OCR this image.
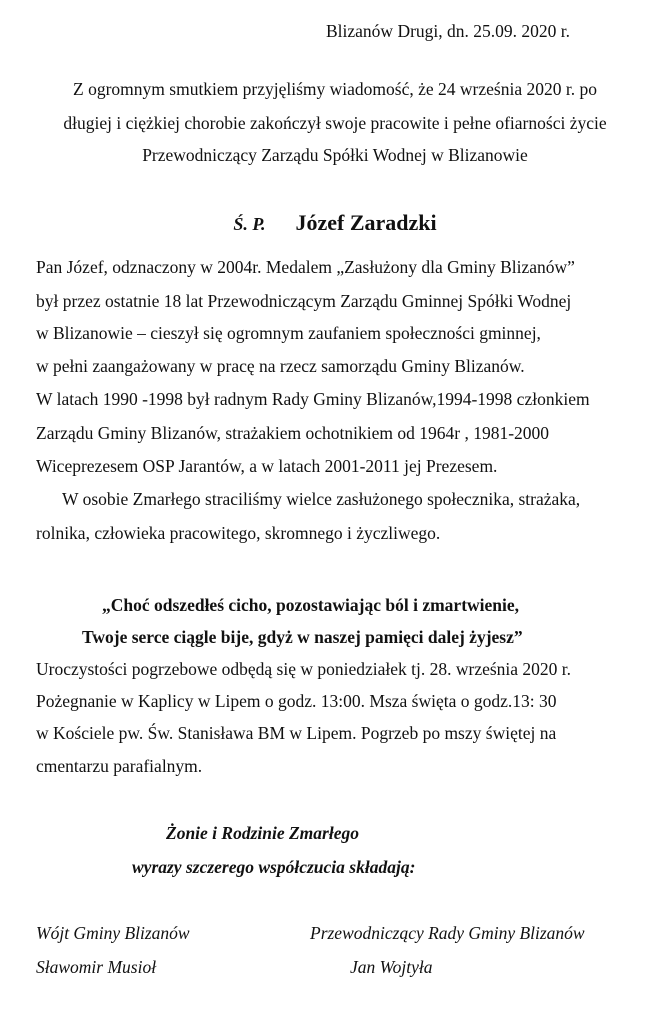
Blizanów Drugi, dn. 25.09. 2020 r.

Z ogromnym smutkiem przyjęliśmy wiadomość, że 24 września 2020 r. po

długiej i ciężkiej chorobie zakończył swoje pracowite i pełne ofiarności życie

Przewodniczący Zarządu Spółki Wodnej w Blizanowie

Ś. P. Józef Zaradzki

Pan Józef, odznaczony w 2004r. Medalem „Zasłużony dla Gminy Blizanów”

był przez ostatnie 18 lat Przewodniczącym Zarządu Gminnej Spółki Wodnej

w Blizanowie – cieszył się ogromnym zaufaniem społeczności gminnej,

w pełni zaangażowany w pracę na rzecz samorządu Gminy Blizanów.

W latach 1990 -1998 był radnym Rady Gminy Blizanów,1994-1998 członkiem

Zarządu Gminy Blizanów, strażakiem ochotnikiem od 1964r , 1981-2000

Wiceprezesem OSP Jarantów, a w latach 2001-2011 jej Prezesem.

W osobie Zmarłego straciliśmy wielce zasłużonego społecznika, strażaka,

rolnika, człowieka pracowitego, skromnego i życzliwego.

„Choć odszedłeś cicho, pozostawiając ból i zmartwienie,

Twoje serce ciągle bije, gdyż w naszej pamięci dalej żyjesz”

Uroczystości pogrzebowe odbędą się w poniedziałek tj. 28. września 2020 r.

Pożegnanie w Kaplicy w Lipem o godz. 13:00. Msza święta o godz.13: 30

w Kościele pw. Św. Stanisława BM w Lipem. Pogrzeb po mszy świętej na

cmentarzu parafialnym.

Żonie i Rodzinie Zmarłego

wyrazy szczerego współczucia składają:

Wójt Gminy Blizanów

Sławomir Musioł

Przewodniczący Rady Gminy Blizanów

Jan Wojtyła
